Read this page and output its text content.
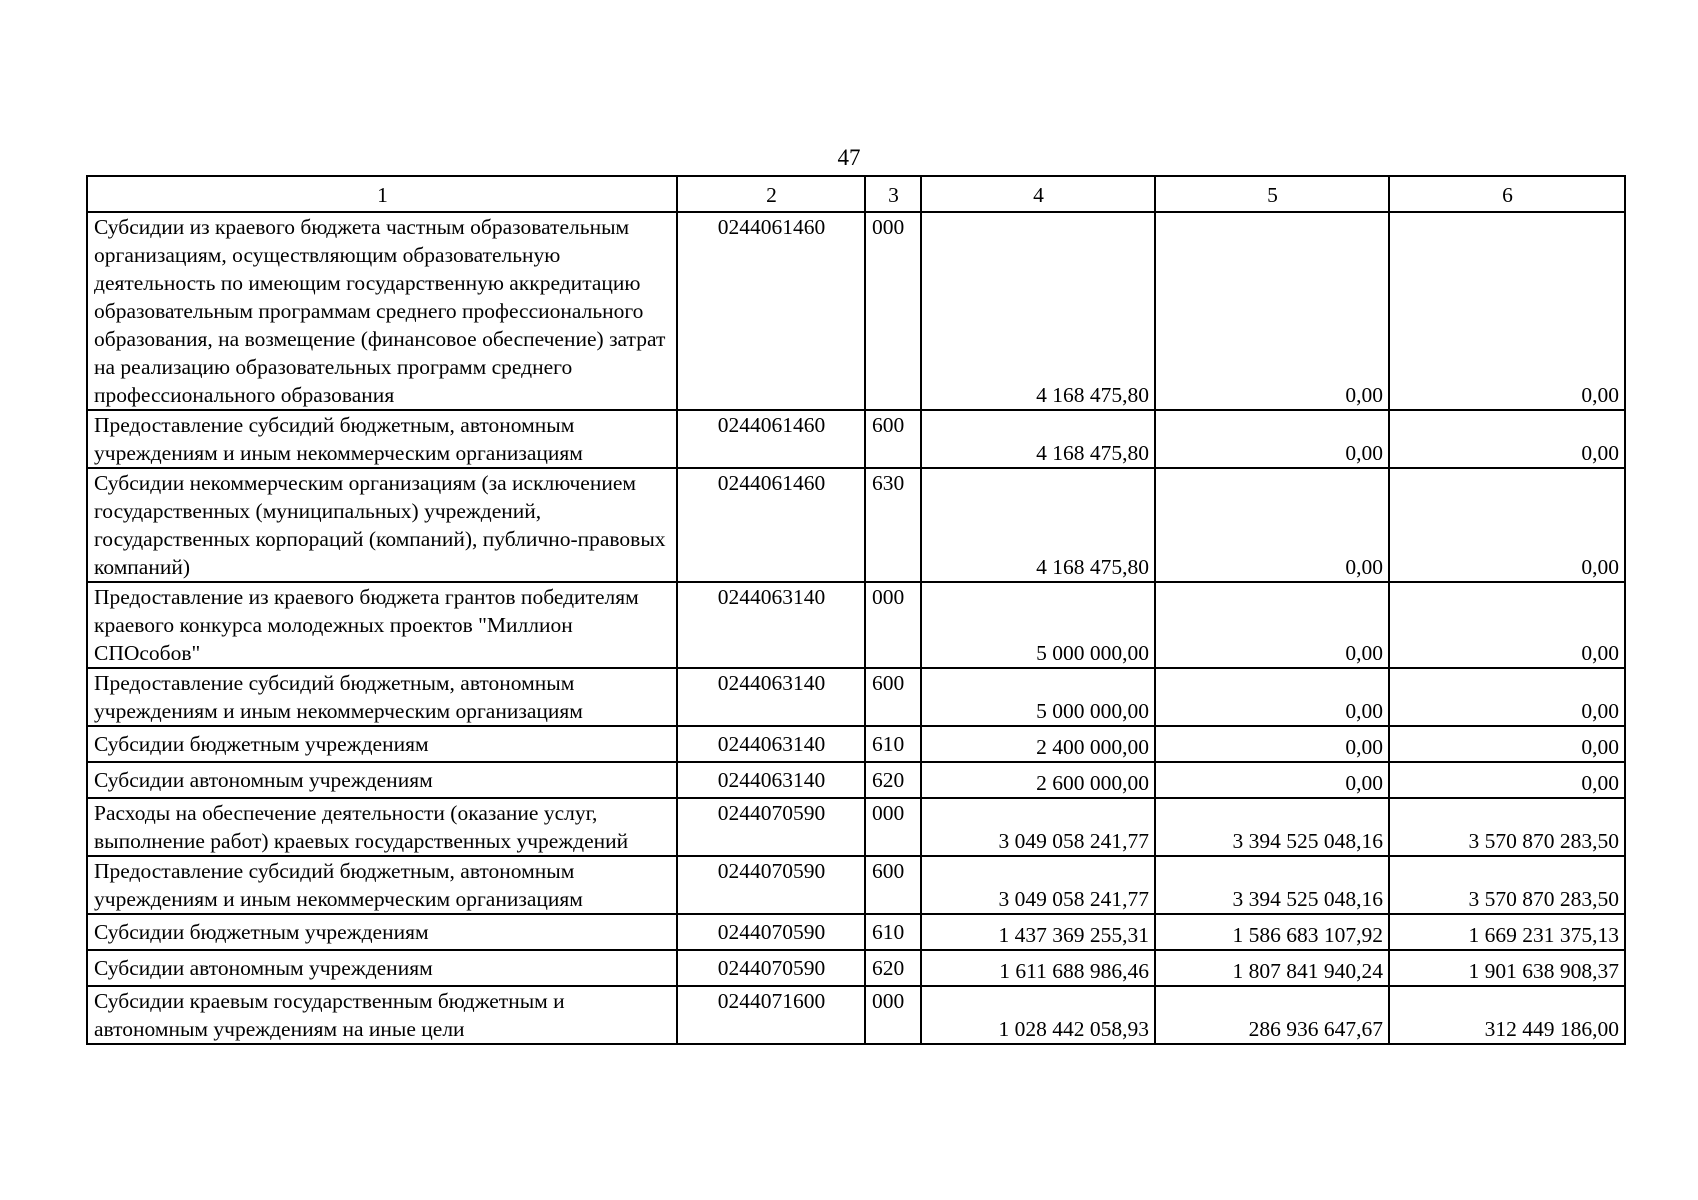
47
1	2	3	4	5	6
Субсидии из краевого бюджета частным образовательным организациям, осуществляющим образовательную деятельность по имеющим государственную аккредитацию образовательным программам среднего профессионального образования, на возмещение (финансовое обеспечение) затрат на реализацию образовательных программ среднего профессионального образования	0244061460	000	4 168 475,80	0,00	0,00
Предоставление субсидий бюджетным, автономным учреждениям и иным некоммерческим организациям	0244061460	600	4 168 475,80	0,00	0,00
Субсидии некоммерческим организациям (за исключением государственных (муниципальных) учреждений, государственных корпораций (компаний), публично-правовых компаний)	0244061460	630	4 168 475,80	0,00	0,00
Предоставление из краевого бюджета грантов победителям краевого конкурса молодежных проектов "Миллион СПОсобов"	0244063140	000	5 000 000,00	0,00	0,00
Предоставление субсидий бюджетным, автономным учреждениям и иным некоммерческим организациям	0244063140	600	5 000 000,00	0,00	0,00
Субсидии бюджетным учреждениям	0244063140	610	2 400 000,00	0,00	0,00
Субсидии автономным учреждениям	0244063140	620	2 600 000,00	0,00	0,00
Расходы на обеспечение деятельности (оказание услуг, выполнение работ) краевых государственных учреждений	0244070590	000	3 049 058 241,77	3 394 525 048,16	3 570 870 283,50
Предоставление субсидий бюджетным, автономным учреждениям и иным некоммерческим организациям	0244070590	600	3 049 058 241,77	3 394 525 048,16	3 570 870 283,50
Субсидии бюджетным учреждениям	0244070590	610	1 437 369 255,31	1 586 683 107,92	1 669 231 375,13
Субсидии автономным учреждениям	0244070590	620	1 611 688 986,46	1 807 841 940,24	1 901 638 908,37
Субсидии краевым государственным бюджетным и автономным учреждениям на иные цели	0244071600	000	1 028 442 058,93	286 936 647,67	312 449 186,00
